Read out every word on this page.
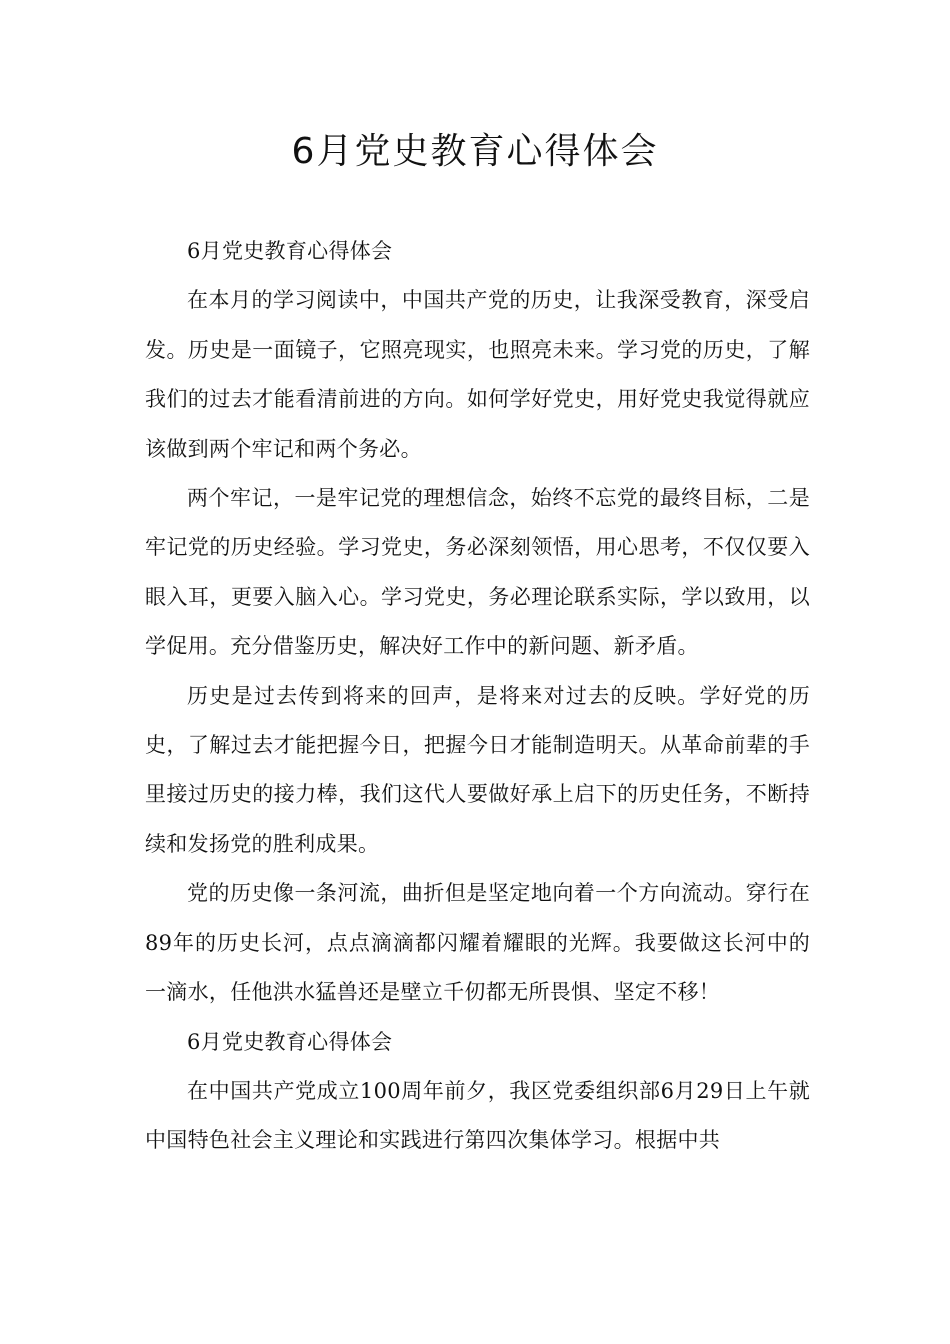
6月党史教育心得体会

6月党史教育心得体会

在本月的学习阅读中，中国共产党的历史，让我深受教育，深受启发。历史是一面镜子，它照亮现实，也照亮未来。学习党的历史，了解我们的过去才能看清前进的方向。如何学好党史，用好党史我觉得就应该做到两个牢记和两个务必。

两个牢记，一是牢记党的理想信念，始终不忘党的最终目标，二是牢记党的历史经验。学习党史，务必深刻领悟，用心思考，不仅仅要入眼入耳，更要入脑入心。学习党史，务必理论联系实际，学以致用，以学促用。充分借鉴历史，解决好工作中的新问题、新矛盾。

历史是过去传到将来的回声，是将来对过去的反映。学好党的历史，了解过去才能把握今日，把握今日才能制造明天。从革命前辈的手里接过历史的接力棒，我们这代人要做好承上启下的历史任务，不断持续和发扬党的胜利成果。

党的历史像一条河流，曲折但是坚定地向着一个方向流动。穿行在89年的历史长河，点点滴滴都闪耀着耀眼的光辉。我要做这长河中的一滴水，任他洪水猛兽还是壁立千仞都无所畏惧、坚定不移！

6月党史教育心得体会

在中国共产党成立100周年前夕，我区党委组织部6月29日上午就中国特色社会主义理论和实践进行第四次集体学习。根据中共
